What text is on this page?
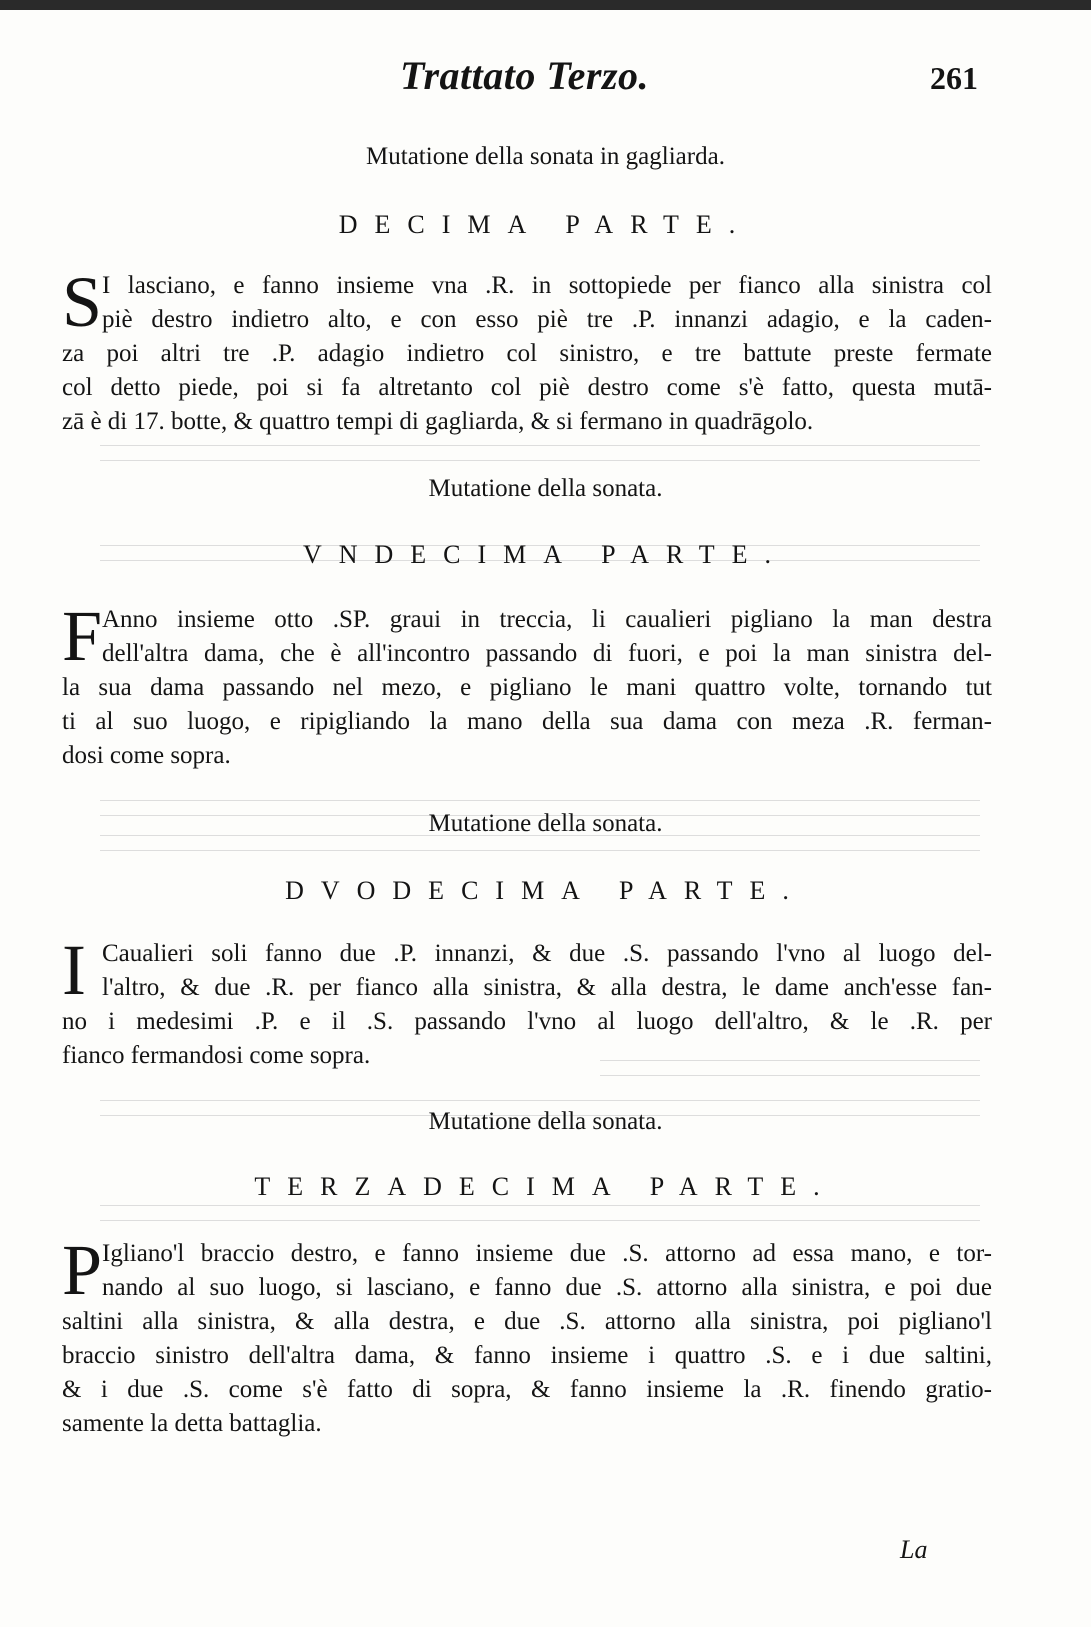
Trattato Terzo.	261
Mutatione della sonata in gagliarda.
DECIMA PARTE.
S I lasciano, e fanno insieme vna .R. in sottopiede per fianco alla sinistra col
piè destro indietro alto, e con esso piè tre .P. innanzi adagio, e la caden-
za poi altri tre .P. adagio indietro col sinistro, e tre battute preste fermate
col detto piede, poi si fa altretanto col piè destro come s'è fatto, questa mutā-
zā è di 17. botte, & quattro tempi di gagliarda, & si fermano in quadrāgolo.
Mutatione della sonata.
VNDECIMA PARTE.
F Anno insieme otto .SP. graui in treccia, li caualieri pigliano la man destra
dell'altra dama, che è all'incontro passando di fuori, e poi la man sinistra del-
la sua dama passando nel mezo, e pigliano le mani quattro volte, tornando tut
ti al suo luogo, e ripigliando la mano della sua dama con meza .R. ferman-
dosi come sopra.
Mutatione della sonata.
DVODECIMA PARTE.
I Caualieri soli fanno due .P. innanzi, & due .S. passando l'vno al luogo del-
l'altro, & due .R. per fianco alla sinistra, & alla destra, le dame anch'esse fan-
no i medesimi .P. e il .S. passando l'vno al luogo dell'altro, & le .R. per
fianco fermandosi come sopra.
Mutatione della sonata.
TERZADECIMA PARTE.
P Igliano'l braccio destro, e fanno insieme due .S. attorno ad essa mano, e tor-
nando al suo luogo, si lasciano, e fanno due .S. attorno alla sinistra, e poi due
saltini alla sinistra, & alla destra, e due .S. attorno alla sinistra, poi pigliano'l
braccio sinistro dell'altra dama, & fanno insieme i quattro .S. e i due saltini,
& i due .S. come s'è fatto di sopra, & fanno insieme la .R. finendo gratio-
samente la detta battaglia.
La
